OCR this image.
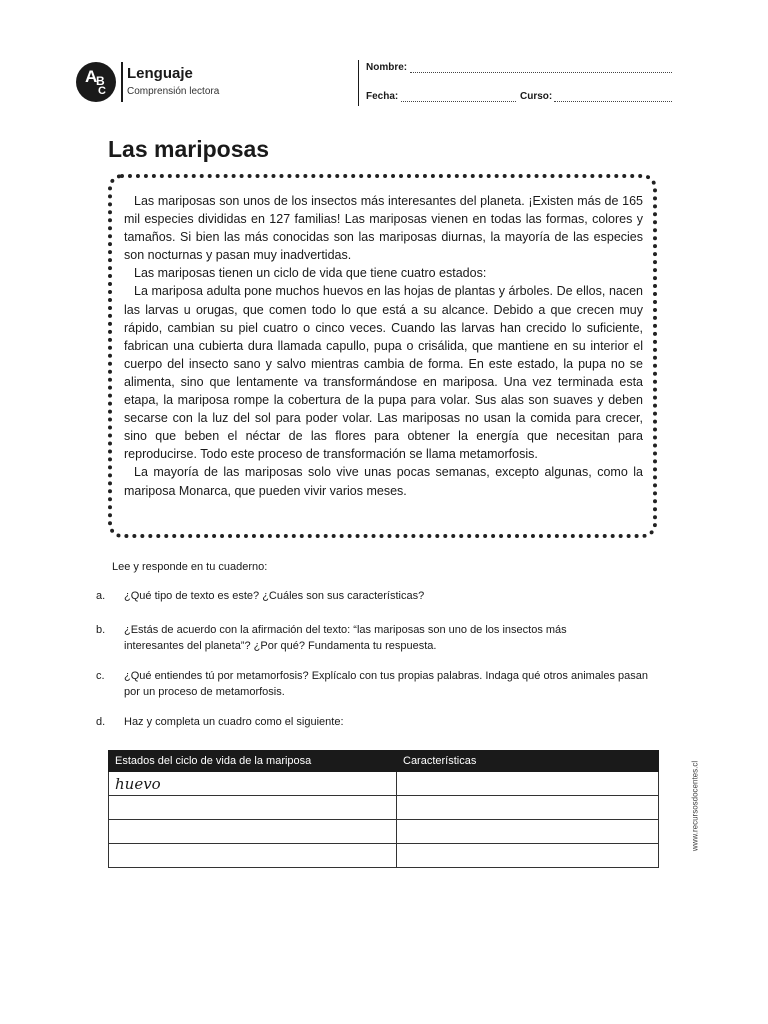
A
B
C
Lenguaje
Comprensión lectora
Nombre:
Fecha:	Curso:
Las mariposas

Las mariposas son unos de los insectos más interesantes del planeta. ¡Existen más de 165 mil especies divididas en 127 familias! Las mariposas vienen en todas las formas, colores y tamaños. Si bien las más conocidas son las mariposas diurnas, la mayoría de las especies son nocturnas y pasan muy inadvertidas.

Las mariposas tienen un ciclo de vida que tiene cuatro estados:

La mariposa adulta pone muchos huevos en las hojas de plantas y árboles. De ellos, nacen las larvas u orugas, que comen todo lo que está a su alcance. Debido a que crecen muy rápido, cambian su piel cuatro o cinco veces. Cuando las larvas han crecido lo suficiente, fabrican una cubierta dura llamada capullo, pupa o crisálida, que mantiene en su interior el cuerpo del insecto sano y salvo mientras cambia de forma. En este estado, la pupa no se alimenta, sino que lentamente va transformándose en mariposa. Una vez terminada esta etapa, la mariposa rompe la cobertura de la pupa para volar. Sus alas son suaves y deben secarse con la luz del sol para poder volar. Las mariposas no usan la comida para crecer, sino que beben el néctar de las flores para obtener la energía que necesitan para reproducirse. Todo este proceso de transformación se llama metamorfosis.

La mayoría de las mariposas solo vive unas pocas semanas, excepto algunas, como la mariposa Monarca, que pueden vivir varios meses.

Lee y responde en tu cuaderno:
a. ¿Qué tipo de texto es este? ¿Cuáles son sus características?
b. ¿Estás de acuerdo con la afirmación del texto: “las mariposas son uno de los insectos más interesantes del planeta”? ¿Por qué? Fundamenta tu respuesta.
c. ¿Qué entiendes tú por metamorfosis? Explícalo con tus propias palabras. Indaga qué otros animales pasan por un proceso de metamorfosis.
d. Haz y completa un cuadro como el siguiente:
Estados del ciclo de vida de la mariposa	Características
huevo	

		www.recursosdocentes.cl
